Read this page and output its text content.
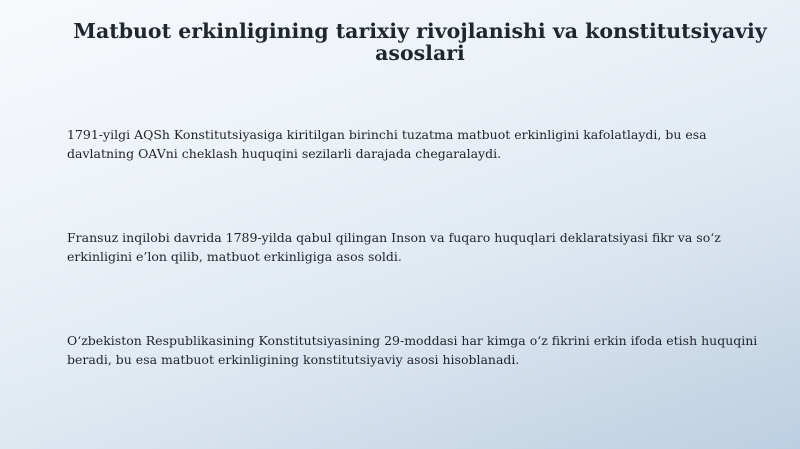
Matbuot erkinligining tarixiy rivojlanishi va konstitutsiyaviy asoslari

1791-yilgi AQSh Konstitutsiyasiga kiritilgan birinchi tuzatma matbuot erkinligini kafolatlaydi, bu esa davlatning OAVni cheklash huquqini sezilarli darajada chegaralaydi.

Fransuz inqilobi davrida 1789-yilda qabul qilingan Inson va fuqaro huquqlari deklaratsiyasi fikr va so‘z erkinligini e’lon qilib, matbuot erkinligiga asos soldi.

O‘zbekiston Respublikasining Konstitutsiyasining 29-moddasi har kimga o‘z fikrini erkin ifoda etish huquqini beradi, bu esa matbuot erkinligining konstitutsiyaviy asosi hisoblanadi.
